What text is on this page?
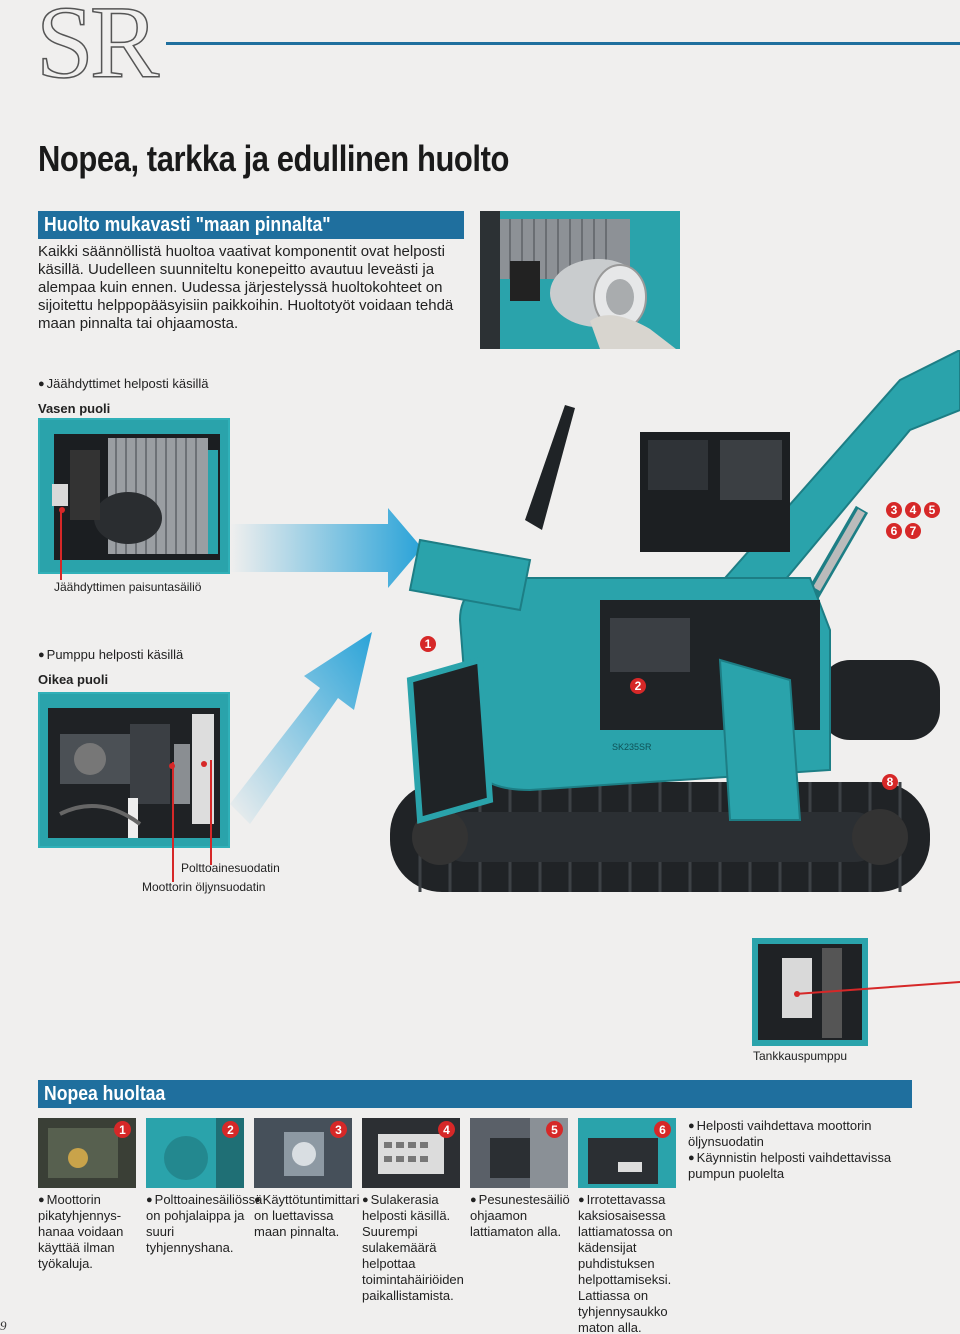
SR
Nopea, tarkka ja edullinen huolto
Huolto mukavasti "maan pinnalta"
Kaikki säännöllistä huoltoa vaativat komponentit ovat helposti käsillä. Uudelleen suunniteltu konepeitto avautuu leveästi ja alempaa kuin ennen. Uudessa järjestelyssä huoltokohteet on sijoitettu helppopääsyisiin paikkoihin. Huoltotyöt voidaan tehdä maan pinnalta tai ohjaamosta.
● Jäähdyttimet helposti käsillä
Vasen puoli
Jäähdyttimen paisuntasäiliö
● Pumppu helposti käsillä
Oikea puoli
Polttoainesuodatin
Moottorin öljynsuodatin
SK235SR
3 4 5
6 7
1
2
8
Tankkauspumppu
Nopea huoltaa
1	2	3	4	5	6
●	Helposti vaihdettava moottorin öljynsuodatin
● Käynnistin helposti vaihdettavissa pumpun puolelta
● Moottorin pikatyhjennys-hanaa voidaan käyttää ilman työkaluja.
● Polttoainesäiliössä on pohjalaippa ja suuri tyhjennyshana.
● Käyttötuntimittari on luettavissa maan pinnalta.
● Sulakerasia helposti käsillä. Suurempi sulakemäärä helpottaa toimintahäiriöiden paikallistamista.
● Pesunestesäiliö ohjaamon lattiamaton alla.
● Irrotettavassa kaksiosaisessa lattiamatossa on kädensijat puhdistuksen helpottamiseksi. Lattiassa on tyhjennysaukko maton alla.
9
